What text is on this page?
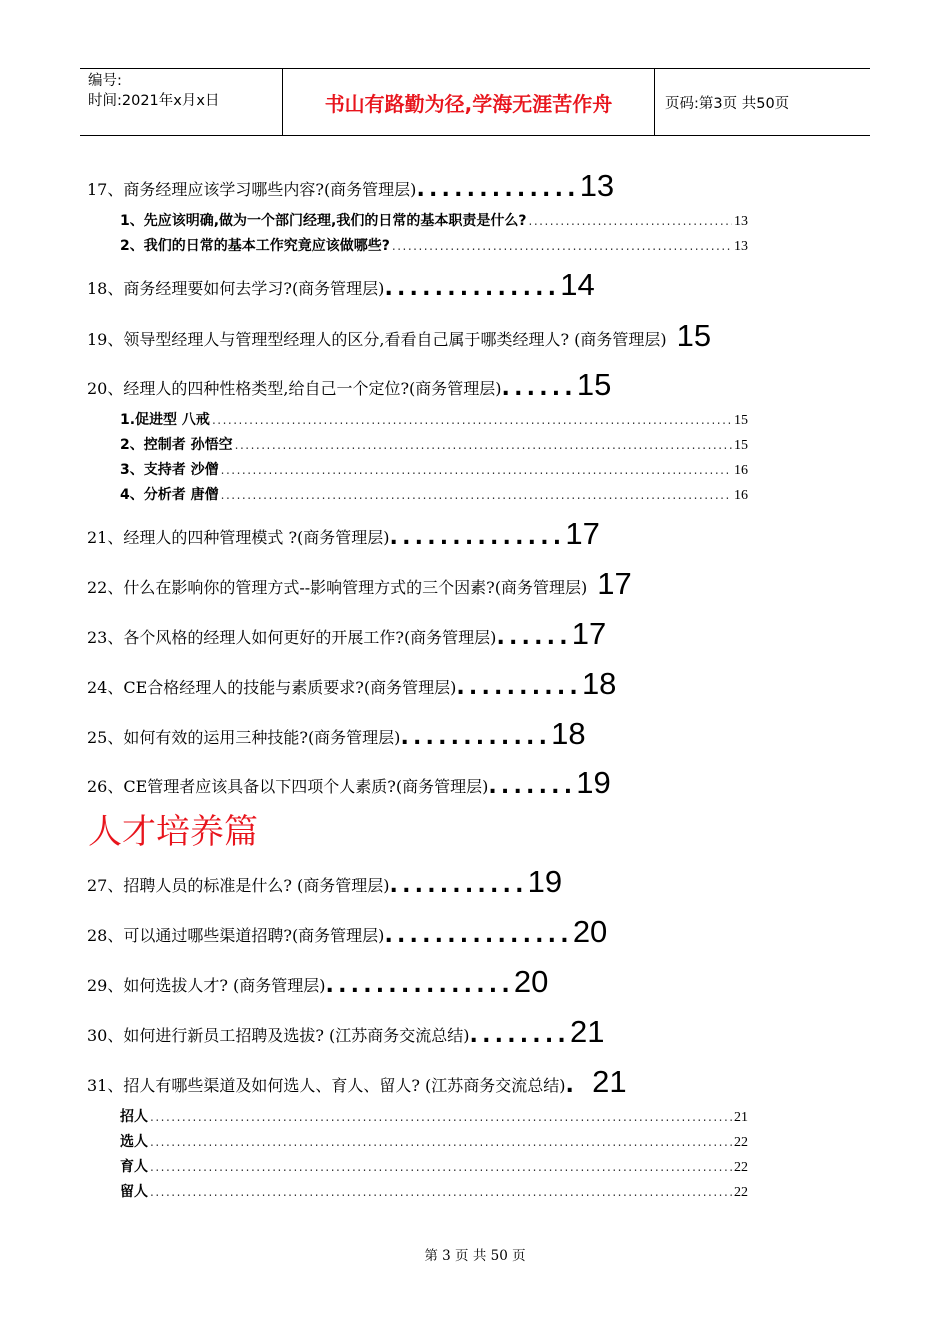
编号:
时间:2021年x月x日	书山有路勤为径,学海无涯苦作舟	页码:第3页 共50页
17、商务经理应该学习哪些内容?(商务管理层) ............. 13
1、先应该明确,做为一个部门经理,我们的日常的基本职责是什么? .....	13
2、我们的日常的基本工作究竟应该做哪些? .....	13
18、商务经理要如何去学习?(商务管理层) .............. 14
19、领导型经理人与管理型经理人的区分,看看自己属于哪类经理人? (商务管理层) 15
20、经理人的四种性格类型,给自己一个定位?(商务管理层) ...... 15
1.促进型 八戒 .....	15
2、控制者 孙悟空 .....	15
3、支持者 沙僧 .....	16
4、分析者 唐僧 .....	16
21、经理人的四种管理模式 ?(商务管理层) .............. 17
22、什么在影响你的管理方式--影响管理方式的三个因素?(商务管理层) 17
23、各个风格的经理人如何更好的开展工作?(商务管理层) ...... 17
24、CE合格经理人的技能与素质要求?(商务管理层) .......... 18
25、如何有效的运用三种技能?(商务管理层) ............ 18
26、CE管理者应该具备以下四项个人素质?(商务管理层) ....... 19
人才培养篇
27、招聘人员的标准是什么? (商务管理层) ........... 19
28、可以通过哪些渠道招聘?(商务管理层) ............... 20
29、如何选拔人才? (商务管理层) ............... 20
30、如何进行新员工招聘及选拔? (江苏商务交流总结) ........ 21
31、招人有哪些渠道及如何选人、育人、留人? (江苏商务交流总结) . 21
招人 .....	21
选人 .....	22
育人 .....	22
留人 .....	22
第 3 页 共 50 页
